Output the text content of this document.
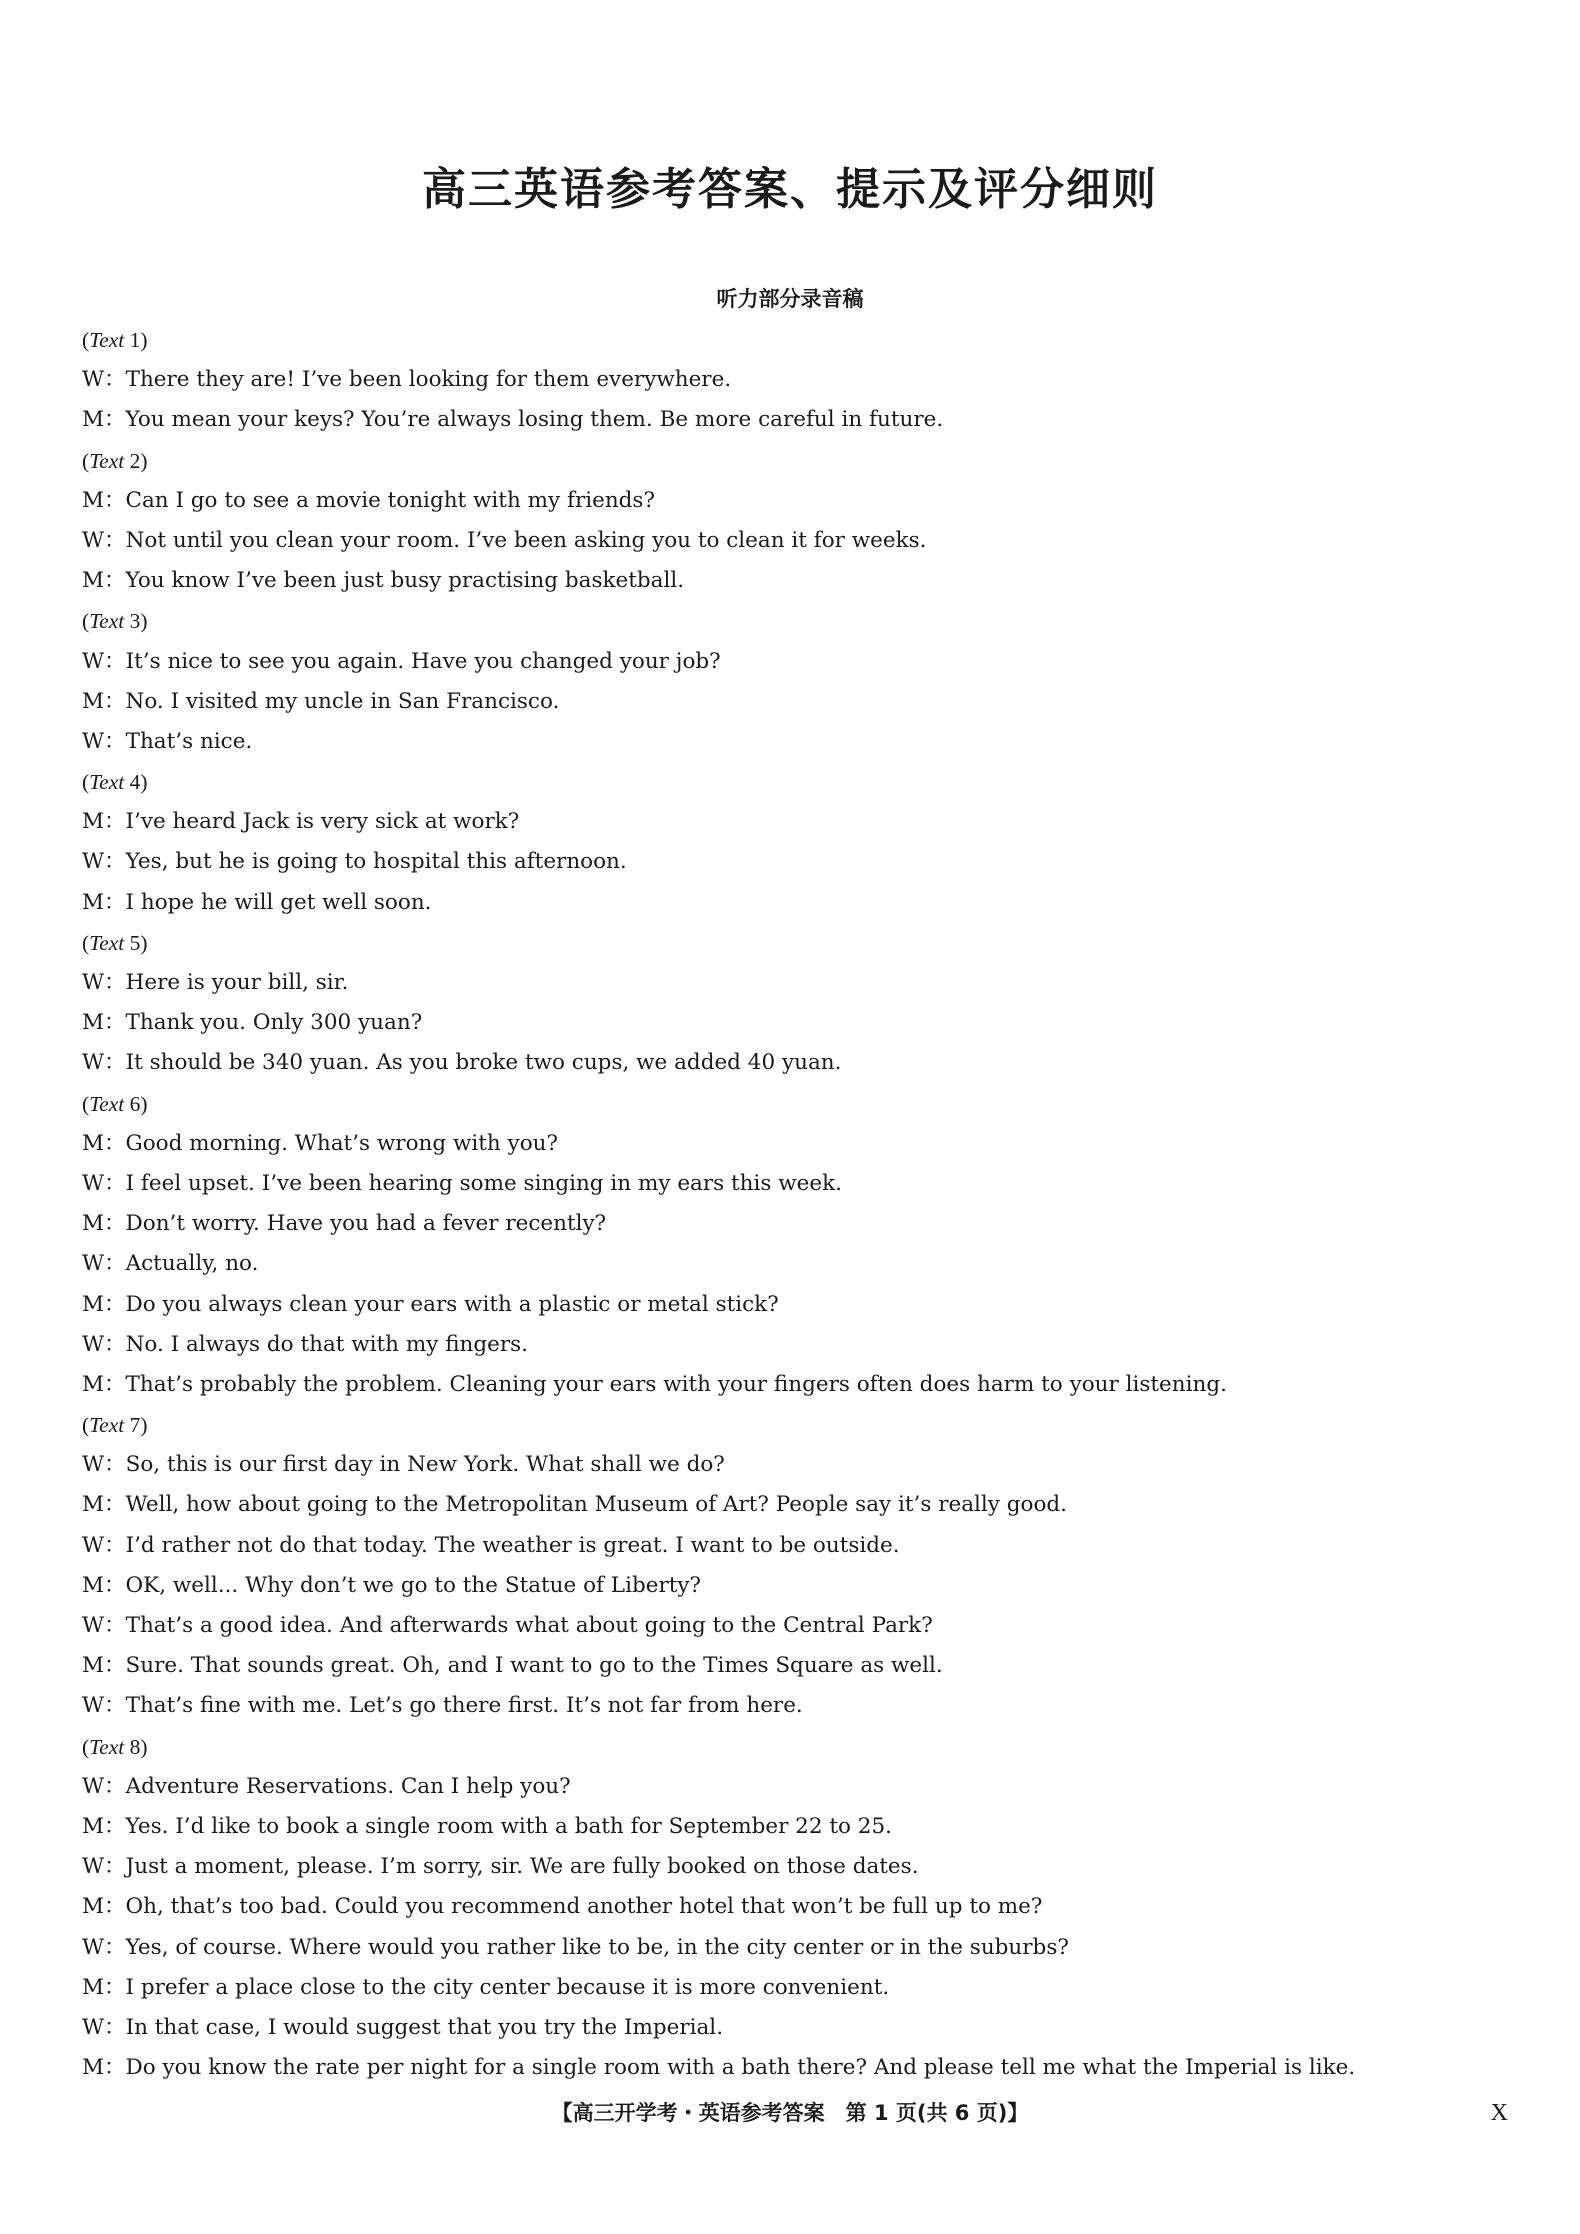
高三英语参考答案、提示及评分细则
听力部分录音稿
(Text 1)
W：There they are! I’ve been looking for them everywhere.
M：You mean your keys? You’re always losing them. Be more careful in future.
(Text 2)
M：Can I go to see a movie tonight with my friends?
W：Not until you clean your room. I’ve been asking you to clean it for weeks.
M：You know I’ve been just busy practising basketball.
(Text 3)
W：It’s nice to see you again. Have you changed your job?
M：No. I visited my uncle in San Francisco.
W：That’s nice.
(Text 4)
M：I’ve heard Jack is very sick at work?
W：Yes, but he is going to hospital this afternoon.
M：I hope he will get well soon.
(Text 5)
W：Here is your bill, sir.
M：Thank you. Only 300 yuan?
W：It should be 340 yuan. As you broke two cups, we added 40 yuan.
(Text 6)
M：Good morning. What’s wrong with you?
W：I feel upset. I’ve been hearing some singing in my ears this week.
M：Don’t worry. Have you had a fever recently?
W：Actually, no.
M：Do you always clean your ears with a plastic or metal stick?
W：No. I always do that with my fingers.
M：That’s probably the problem. Cleaning your ears with your fingers often does harm to your listening.
(Text 7)
W：So, this is our first day in New York. What shall we do?
M：Well, how about going to the Metropolitan Museum of Art? People say it’s really good.
W：I’d rather not do that today. The weather is great. I want to be outside.
M：OK, well... Why don’t we go to the Statue of Liberty?
W：That’s a good idea. And afterwards what about going to the Central Park?
M：Sure. That sounds great. Oh, and I want to go to the Times Square as well.
W：That’s fine with me. Let’s go there first. It’s not far from here.
(Text 8)
W：Adventure Reservations. Can I help you?
M：Yes. I’d like to book a single room with a bath for September 22 to 25.
W：Just a moment, please. I’m sorry, sir. We are fully booked on those dates.
M：Oh, that’s too bad. Could you recommend another hotel that won’t be full up to me?
W：Yes, of course. Where would you rather like to be, in the city center or in the suburbs?
M：I prefer a place close to the city center because it is more convenient.
W：In that case, I would suggest that you try the Imperial.
M：Do you know the rate per night for a single room with a bath there? And please tell me what the Imperial is like.
【高三开学考・英语参考答案　第 1 页(共 6 页)】	X
